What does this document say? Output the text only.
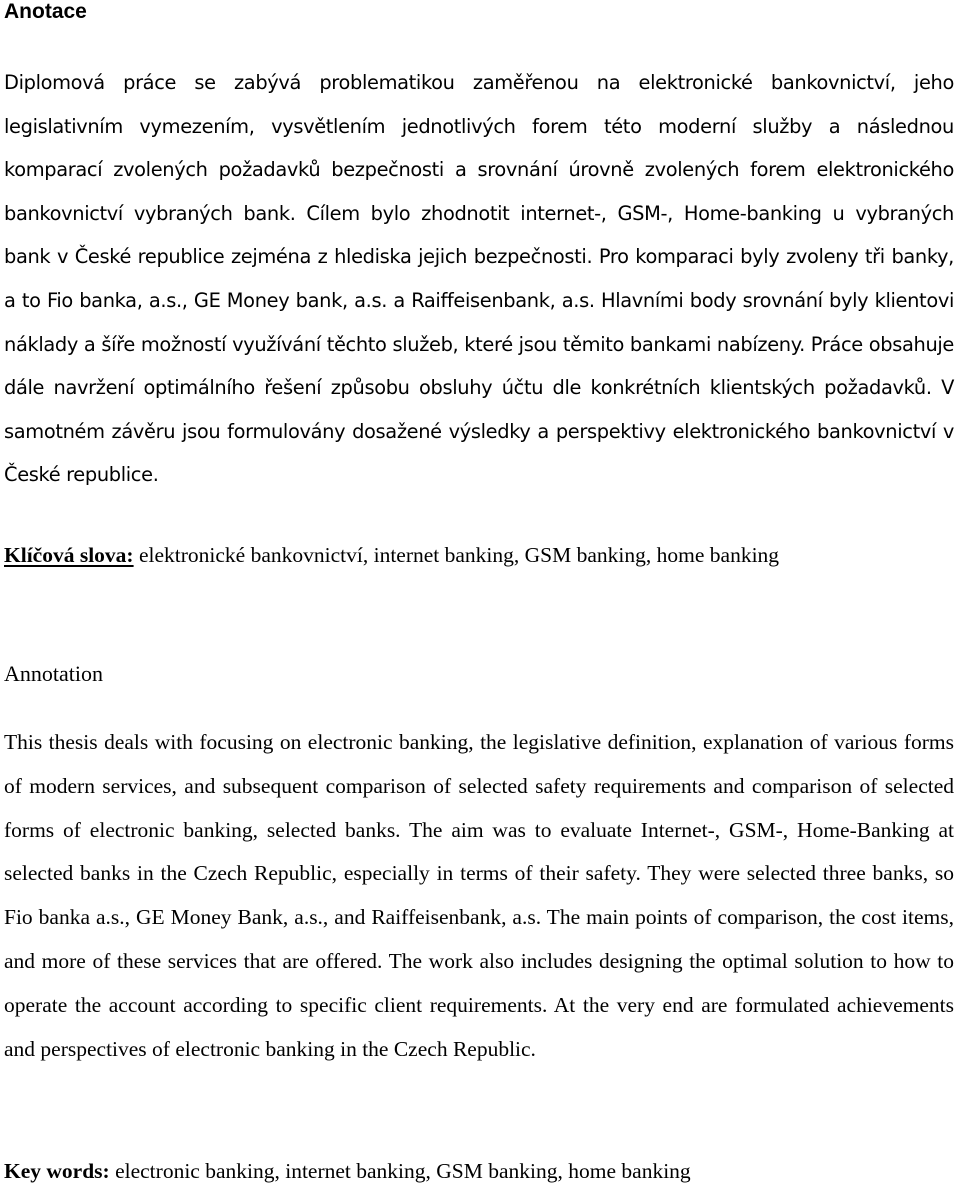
Anotace

Diplomová práce se zabývá problematikou zaměřenou na elektronické bankovnictví, jeho legislativním vymezením, vysvětlením jednotlivých forem této moderní služby a následnou komparací zvolených požadavků bezpečnosti a srovnání úrovně zvolených forem elektronického bankovnictví vybraných bank. Cílem bylo zhodnotit internet-, GSM-, Home-banking u vybraných bank v České republice zejména z hlediska jejich bezpečnosti. Pro komparaci byly zvoleny tři banky, a to Fio banka, a.s., GE Money bank, a.s. a Raiffeisenbank, a.s. Hlavními body srovnání byly klientovi náklady a šíře možností využívání těchto služeb, které jsou těmito bankami nabízeny. Práce obsahuje dále navržení optimálního řešení způsobu obsluhy účtu dle konkrétních klientských požadavků. V samotném závěru jsou formulovány dosažené výsledky a perspektivy elektronického bankovnictví v České republice.

Klíčová slova: elektronické bankovnictví, internet banking, GSM banking, home banking

Annotation

This thesis deals with focusing on electronic banking, the legislative definition, explanation of various forms of modern services, and subsequent comparison of selected safety requirements and comparison of selected forms of electronic banking, selected banks. The aim was to evaluate Internet-, GSM-, Home-Banking at selected banks in the Czech Republic, especially in terms of their safety. They were selected three banks, so Fio banka a.s., GE Money Bank, a.s., and Raiffeisenbank, a.s. The main points of comparison, the cost items, and more of these services that are offered. The work also includes designing the optimal solution to how to operate the account according to specific client requirements. At the very end are formulated achievements and perspectives of electronic banking in the Czech Republic.

Key words: electronic banking, internet banking, GSM banking, home banking
